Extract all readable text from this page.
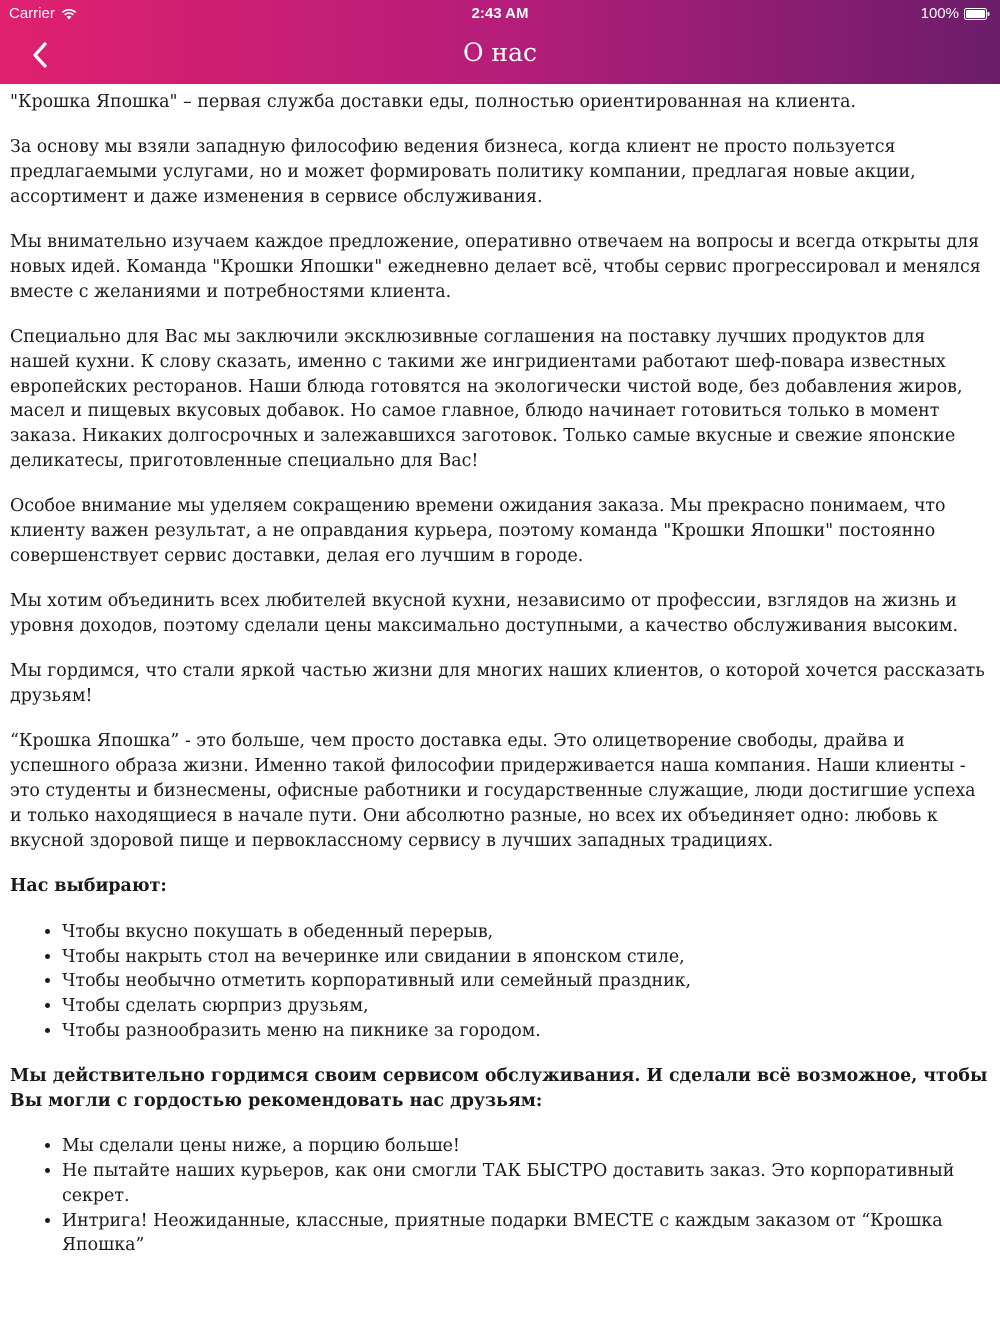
Carrier	2:43 AM	100%
О нас

"Крошка Япошка" – первая служба доставки еды, полностью ориентированная на клиента.

За основу мы взяли западную философию ведения бизнеса, когда клиент не просто пользуется предлагаемыми услугами, но и может формировать политику компании, предлагая новые акции, ассортимент и даже изменения в сервисе обслуживания.

Мы внимательно изучаем каждое предложение, оперативно отвечаем на вопросы и всегда открыты для новых идей. Команда "Крошки Япошки" ежедневно делает всё, чтобы сервис прогрессировал и менялся вместе с желаниями и потребностями клиента.

Специально для Вас мы заключили эксклюзивные соглашения на поставку лучших продуктов для нашей кухни. К слову сказать, именно с такими же ингридиентами работают шеф-повара известных европейских ресторанов. Наши блюда готовятся на экологически чистой воде, без добавления жиров, масел и пищевых вкусовых добавок. Но самое главное, блюдо начинает готовиться только в момент заказа. Никаких долгосрочных и залежавшихся заготовок. Только самые вкусные и свежие японские деликатесы, приготовленные специально для Вас!

Особое внимание мы уделяем сокращению времени ожидания заказа. Мы прекрасно понимаем, что клиенту важен результат, а не оправдания курьера, поэтому команда "Крошки Япошки" постоянно совершенствует сервис доставки, делая его лучшим в городе.

Мы хотим объединить всех любителей вкусной кухни, независимо от профессии, взглядов на жизнь и уровня доходов, поэтому сделали цены максимально доступными, а качество обслуживания высоким.

Мы гордимся, что стали яркой частью жизни для многих наших клиентов, о которой хочется рассказать друзьям!

“Крошка Япошка” - это больше, чем просто доставка еды. Это олицетворение свободы, драйва и успешного образа жизни. Именно такой философии придерживается наша компания. Наши клиенты - это студенты и бизнесмены, офисные работники и государственные служащие, люди достигшие успеха и только находящиеся в начале пути. Они абсолютно разные, но всех их объединяет одно: любовь к вкусной здоровой пище и первоклассному сервису в лучших западных традициях.

Нас выбирают:
• Чтобы вкусно покушать в обеденный перерыв,
• Чтобы накрыть стол на вечеринке или свидании в японском стиле,
• Чтобы необычно отметить корпоративный или семейный праздник,
• Чтобы сделать сюрприз друзьям,
• Чтобы разнообразить меню на пикнике за городом.
Мы действительно гордимся своим сервисом обслуживания. И сделали всё возможное, чтобы Вы могли с гордостью рекомендовать нас друзьям:
• Мы сделали цены ниже, а порцию больше!
• Не пытайте наших курьеров, как они смогли ТАК БЫСТРО доставить заказ. Это корпоративный секрет.
• Интрига! Неожиданные, классные, приятные подарки ВМЕСТЕ с каждым заказом от “Крошка Япошка”
